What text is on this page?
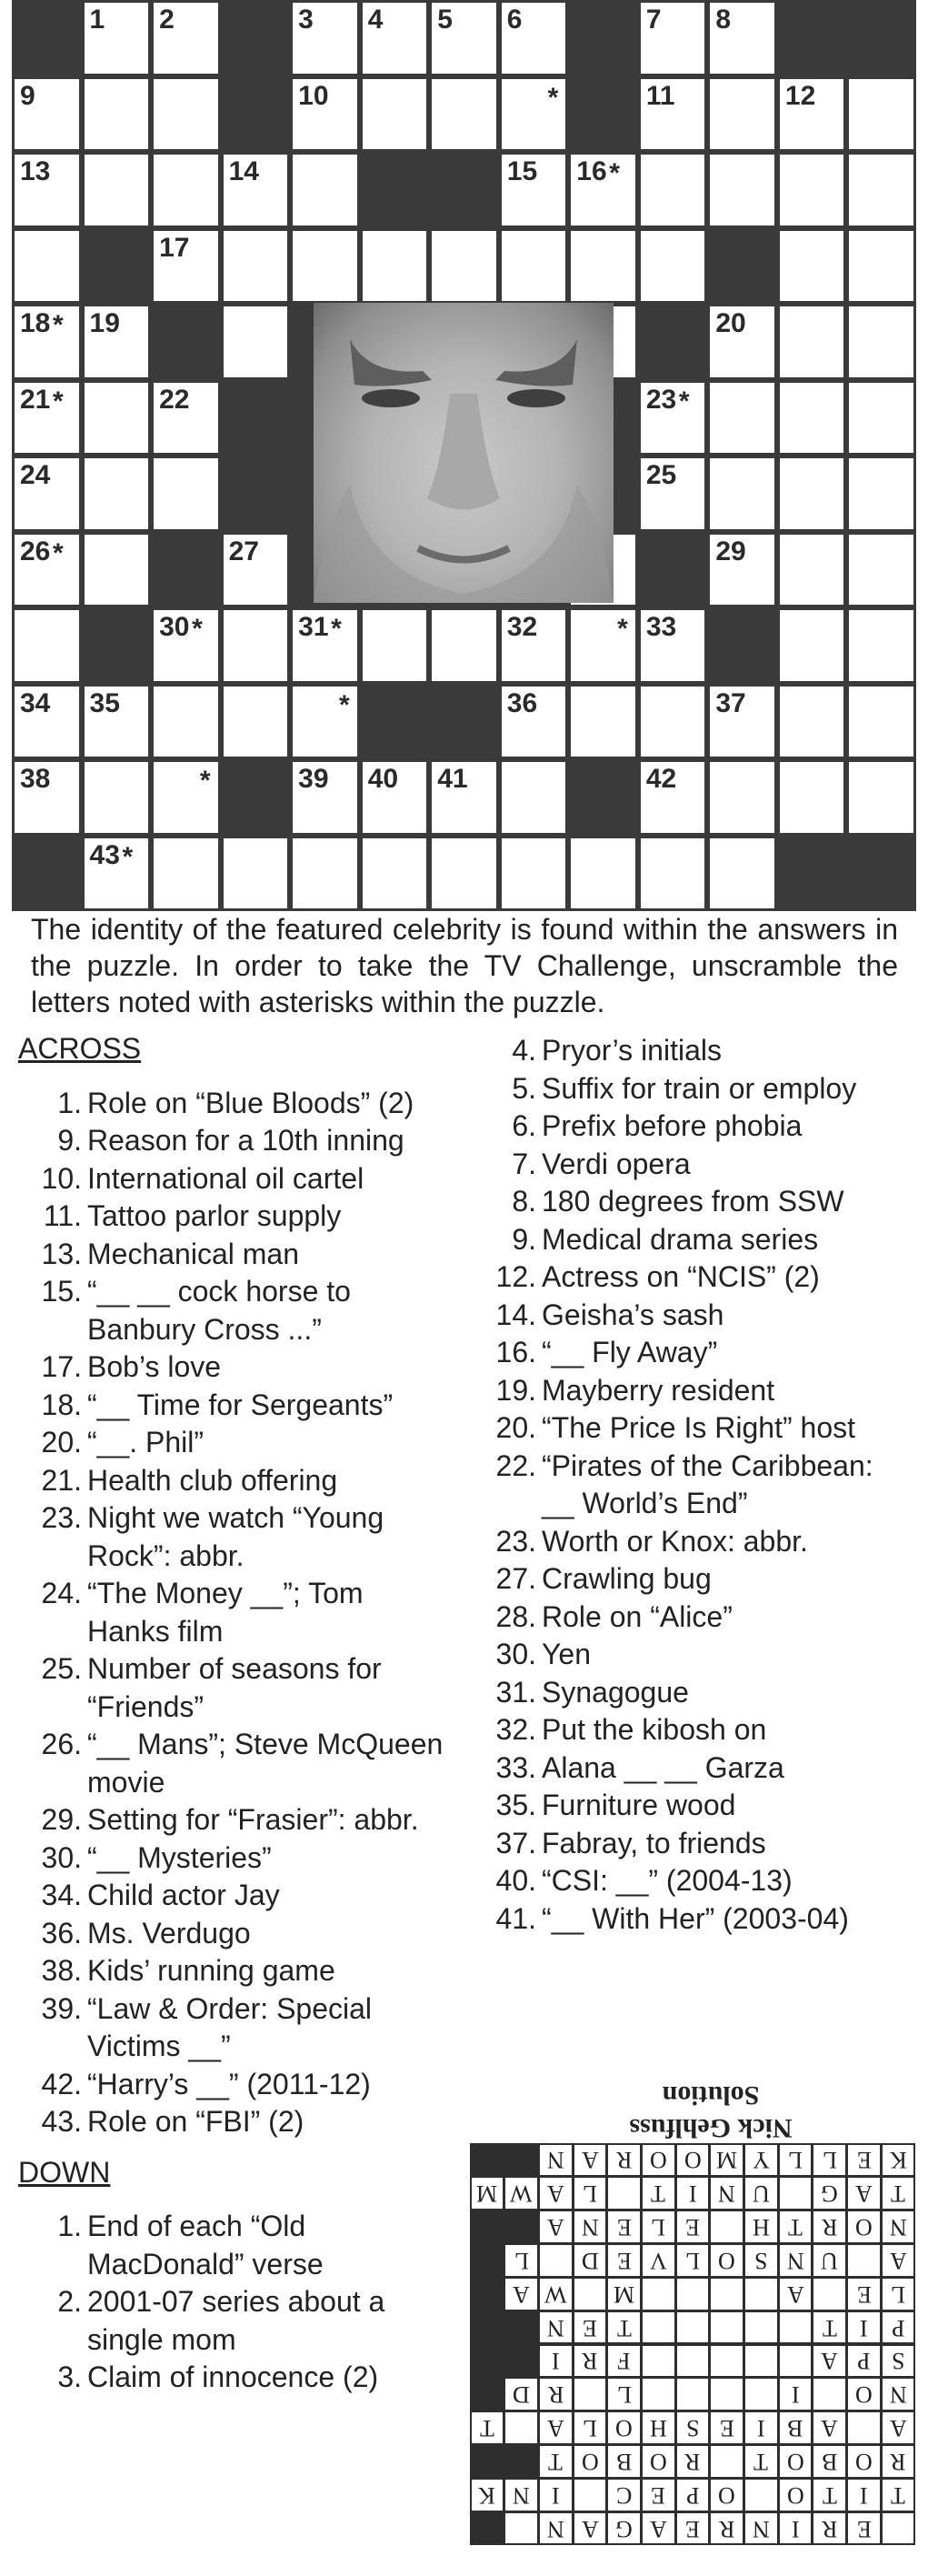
1 2	3 4 5 6	7 8
9	10	*	11	12
13	14	15 16 *
17
18 * 19	20
21 *	22	23 *
24	25
26 *	27	29
30 *	31 *	32	* 33
34 35	*	36	37
38	*	39 40 41	42
43 *
The identity of the featured celebrity is found within the answers in the puzzle. In order to take the TV Challenge, unscramble the letters noted with asterisks within the puzzle.
ACROSS
1. Role on “Blue Bloods” (2)
9. Reason for a 10th inning
10. International oil cartel
11. Tattoo parlor supply
13. Mechanical man
15. “__ __ cock horse to Banbury Cross ...”
17. Bob’s love
18. “__ Time for Sergeants”
20. “__. Phil”
21. Health club offering
23. Night we watch “Young Rock”: abbr.
24. “The Money __”; Tom Hanks film
25. Number of seasons for “Friends”
26. “__ Mans”; Steve McQueen movie
29. Setting for “Frasier”: abbr.
30. “__ Mysteries”
34. Child actor Jay
36. Ms. Verdugo
38. Kids’ running game
39. “Law & Order: Special Victims __”
42. “Harry’s __” (2011-12)
43. Role on “FBI” (2)
DOWN
1. End of each “Old MacDonald” verse
2. 2001-07 series about a single mom
3. Claim of innocence (2)
4. Pryor’s initials
5. Suffix for train or employ
6. Prefix before phobia
7. Verdi opera
8. 180 degrees from SSW
9. Medical drama series
12. Actress on “NCIS” (2)
14. Geisha’s sash
16. “__ Fly Away”
19. Mayberry resident
20. “The Price Is Right” host
22. “Pirates of the Caribbean: __ World’s End”
23. Worth or Knox: abbr.
27. Crawling bug
28. Role on “Alice”
30. Yen
31. Synagogue
32. Put the kibosh on
33. Alana __ __ Garza
35. Furniture wood
37. Fabray, to friends
40. “CSI: __” (2004-13)
41. “__ With Her” (2003-04)
Nick Gehlfuss
Solution
E
R
I
N
R
E
A
G
A
N
T
I
T
O
O
P
E
C
I
N
K
R
O
B
O
T
R
O
B
O
T
A
A
B
I
E
S
H
O
L
A
T
N
O
I
L
R
D
S
P
A
F
R
I
P
I
T
T
E
N
L
E
A
M
W
A
A
U
N
S
O
L
V
E
D
L
N
O
R
T
H
E
L
E
N
A
T
A
G
U
N
I
T
L
A
W
M
K
E
L
L
Y
M
O
O
R
A
N
